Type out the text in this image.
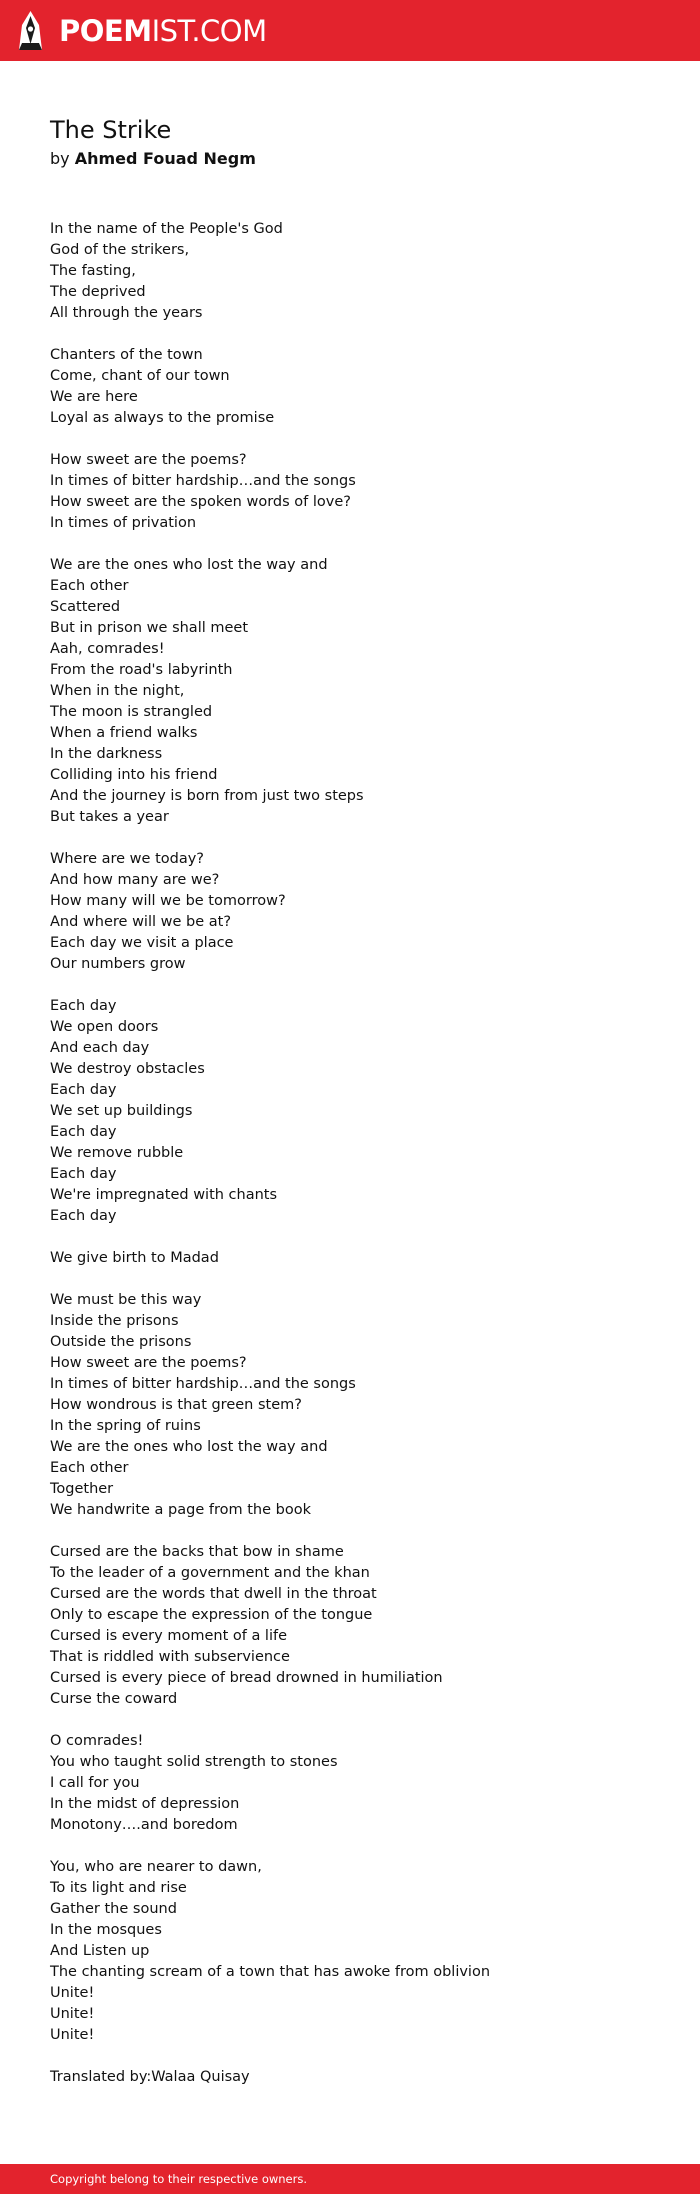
POEMIST.COM
The Strike
by Ahmed Fouad Negm
In the name of the People's God
God of the strikers,
The fasting,
The deprived
All through the years
Chanters of the town
Come, chant of our town
We are here
Loyal as always to the promise
How sweet are the poems?
In times of bitter hardship…and the songs
How sweet are the spoken words of love?
In times of privation
We are the ones who lost the way and
Each other
Scattered
But in prison we shall meet
Aah, comrades!
From the road's labyrinth
When in the night,
The moon is strangled
When a friend walks
In the darkness
Colliding into his friend
And the journey is born from just two steps
But takes a year
Where are we today?
And how many are we?
How many will we be tomorrow?
And where will we be at?
Each day we visit a place
Our numbers grow
Each day
We open doors
And each day
We destroy obstacles
Each day
We set up buildings
Each day
We remove rubble
Each day
We're impregnated with chants
Each day
We give birth to Madad
We must be this way
Inside the prisons
Outside the prisons
How sweet are the poems?
In times of bitter hardship…and the songs
How wondrous is that green stem?
In the spring of ruins
We are the ones who lost the way and
Each other
Together
We handwrite a page from the book
Cursed are the backs that bow in shame
To the leader of a government and the khan
Cursed are the words that dwell in the throat
Only to escape the expression of the tongue
Cursed is every moment of a life
That is riddled with subservience
Cursed is every piece of bread drowned in humiliation
Curse the coward
O comrades!
You who taught solid strength to stones
I call for you
In the midst of depression
Monotony….and boredom
You, who are nearer to dawn,
To its light and rise
Gather the sound
In the mosques
And Listen up
The chanting scream of a town that has awoke from oblivion
Unite!
Unite!
Unite!
Translated by:Walaa Quisay
Copyright belong to their respective owners.
